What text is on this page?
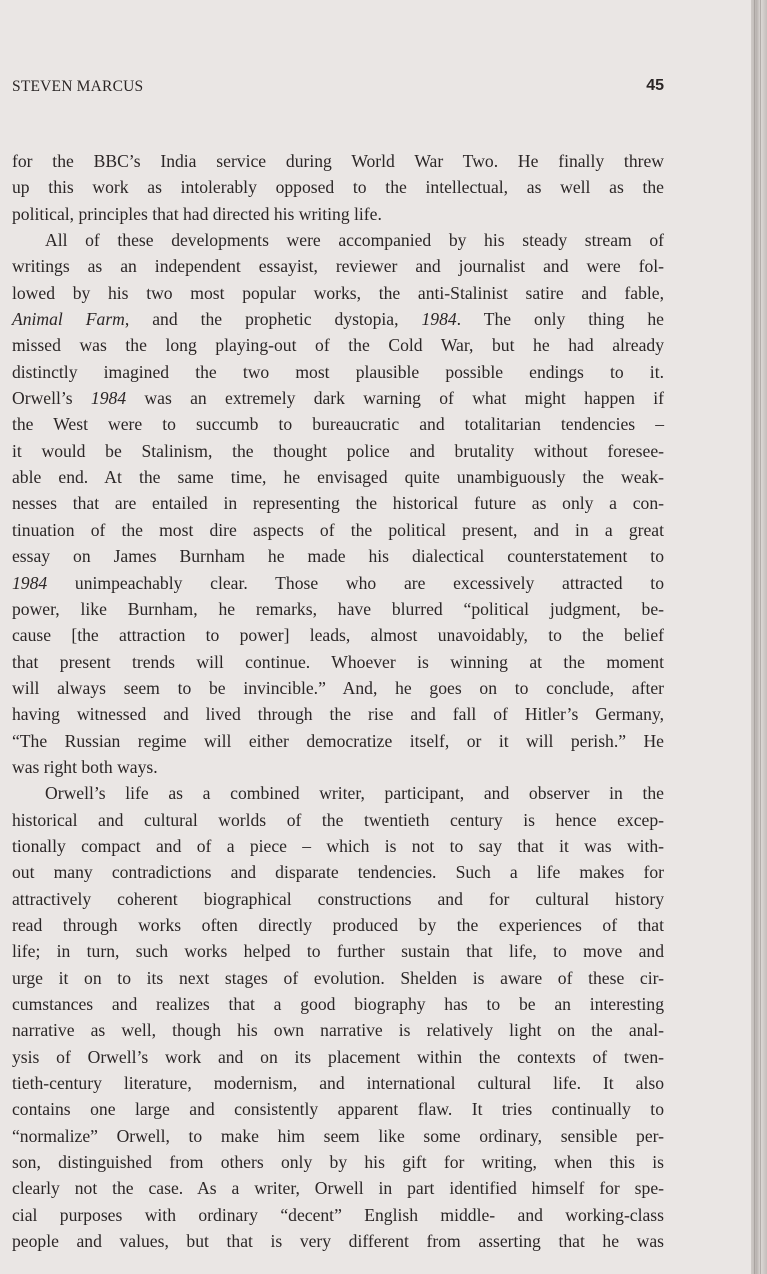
STEVEN MARCUS	45
for the BBC’s India service during World War Two. He finally threw
up this work as intolerably opposed to the intellectual, as well as the
political, principles that had directed his writing life.
All of these developments were accompanied by his steady stream of
writings as an independent essayist, reviewer and journalist and were fol-
lowed by his two most popular works, the anti-Stalinist satire and fable,
Animal Farm, and the prophetic dystopia, 1984. The only thing he
missed was the long playing-out of the Cold War, but he had already
distinctly imagined the two most plausible possible endings to it.
Orwell’s 1984 was an extremely dark warning of what might happen if
the West were to succumb to bureaucratic and totalitarian tendencies –
it would be Stalinism, the thought police and brutality without foresee-
able end. At the same time, he envisaged quite unambiguously the weak-
nesses that are entailed in representing the historical future as only a con-
tinuation of the most dire aspects of the political present, and in a great
essay on James Burnham he made his dialectical counterstatement to
1984 unimpeachably clear. Those who are excessively attracted to
power, like Burnham, he remarks, have blurred “political judgment, be-
cause [the attraction to power] leads, almost unavoidably, to the belief
that present trends will continue. Whoever is winning at the moment
will always seem to be invincible.” And, he goes on to conclude, after
having witnessed and lived through the rise and fall of Hitler’s Germany,
“The Russian regime will either democratize itself, or it will perish.” He
was right both ways.
Orwell’s life as a combined writer, participant, and observer in the
historical and cultural worlds of the twentieth century is hence excep-
tionally compact and of a piece – which is not to say that it was with-
out many contradictions and disparate tendencies. Such a life makes for
attractively coherent biographical constructions and for cultural history
read through works often directly produced by the experiences of that
life; in turn, such works helped to further sustain that life, to move and
urge it on to its next stages of evolution. Shelden is aware of these cir-
cumstances and realizes that a good biography has to be an interesting
narrative as well, though his own narrative is relatively light on the anal-
ysis of Orwell’s work and on its placement within the contexts of twen-
tieth-century literature, modernism, and international cultural life. It also
contains one large and consistently apparent flaw. It tries continually to
“normalize” Orwell, to make him seem like some ordinary, sensible per-
son, distinguished from others only by his gift for writing, when this is
clearly not the case. As a writer, Orwell in part identified himself for spe-
cial purposes with ordinary “decent” English middle- and working-class
people and values, but that is very different from asserting that he was
